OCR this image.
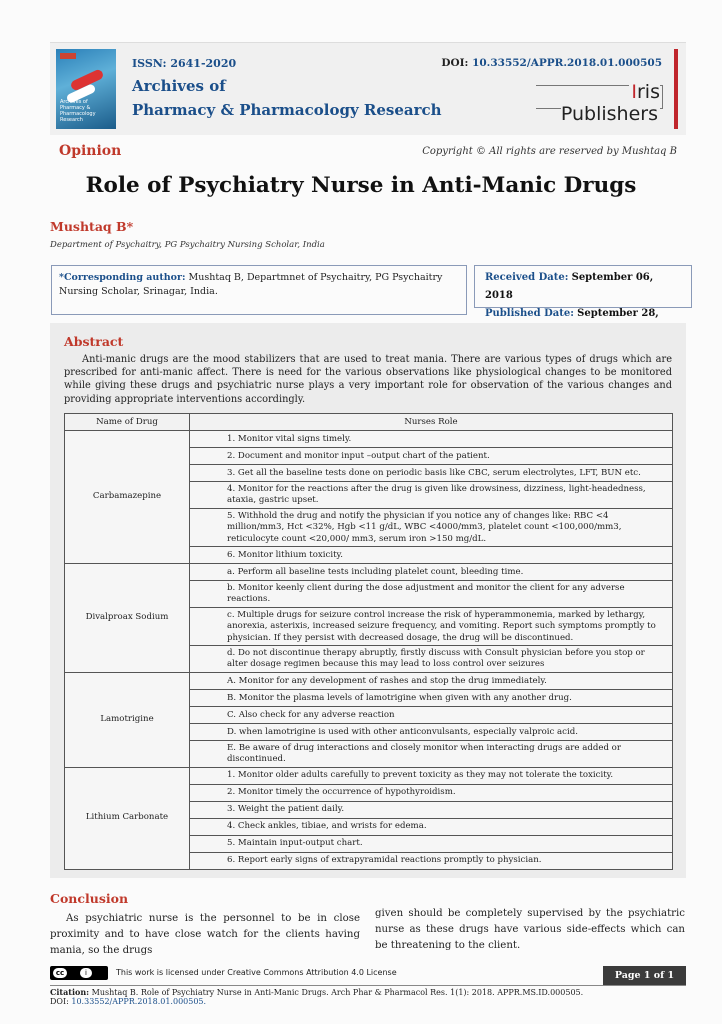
Archives of Pharmacy & Pharmacology Research
ISSN: 2641-2020
Archives of
Pharmacy & Pharmacology Research
DOI: 10.33552/APPR.2018.01.000505
Iris Publishers
Opinion	Copyright © All rights are reserved by Mushtaq B
Role of Psychiatry Nurse in Anti-Manic Drugs
Mushtaq B*
Department of Psychaitry, PG Psychaitry Nursing Scholar, India
*Corresponding author: Mushtaq B, Departmnet of Psychaitry, PG Psychaitry Nursing Scholar, Srinagar, India.
Received Date: September 06, 2018
Published Date: September 28,
Abstract
Anti-manic drugs are the mood stabilizers that are used to treat mania. There are various types of drugs which are prescribed for anti-manic affect. There is need for the various observations like physiological changes to be monitored while giving these drugs and psychiatric nurse plays a very important role for observation of the various changes and providing appropriate interventions accordingly.
Name of Drug	Nurses Role
Carbamazepine	1. Monitor vital signs timely.
	2. Document and monitor input –output chart of the patient.
	3. Get all the baseline tests done on periodic basis like CBC, serum electrolytes, LFT, BUN etc.
	4. Monitor for the reactions after the drug is given like drowsiness, dizziness, light-headedness, ataxia, gastric upset.
	5. Withhold the drug and notify the physician if you notice any of changes like: RBC <4 million/mm3, Hct <32%, Hgb <11 g/dL, WBC <4000/mm3, platelet count <100,000/mm3, reticulocyte count <20,000/ mm3, serum iron >150 mg/dL.
	6. Monitor lithium toxicity.
Divalproax Sodium	a. Perform all baseline tests including platelet count, bleeding time.
	b. Monitor keenly client during the dose adjustment and monitor the client for any adverse reactions.
	c. Multiple drugs for seizure control increase the risk of hyperammonemia, marked by lethargy, anorexia, asterixis, increased seizure frequency, and vomiting. Report such symptoms promptly to physician. If they persist with decreased dosage, the drug will be discontinued.
	d. Do not discontinue therapy abruptly, firstly discuss with Consult physician before you stop or alter dosage regimen because this may lead to loss control over seizures
Lamotrigine	A. Monitor for any development of rashes and stop the drug immediately.
	B. Monitor the plasma levels of lamotrigine when given with any another drug.
	C. Also check for any adverse reaction
	D. when lamotrigine is used with other anticonvulsants, especially valproic acid.
	E. Be aware of drug interactions and closely monitor when interacting drugs are added or discontinued.
Lithium Carbonate	1. Monitor older adults carefully to prevent toxicity as they may not tolerate the toxicity.
	2. Monitor timely the occurrence of hypothyroidism.
	3. Weight the patient daily.
	4. Check ankles, tibiae, and wrists for edema.
	5. Maintain input-output chart.
	6. Report early signs of extrapyramidal reactions promptly to physician.
Conclusion
As psychiatric nurse is the personnel to be in close proximity and to have close watch for the clients having mania, so the drugs
given should be completely supervised by the psychiatric nurse as these drugs have various side-effects which can be threatening to the client.
cc	i	This work is licensed under Creative Commons Attribution 4.0 License	Page 1 of 1
Citation: Mushtaq B. Role of Psychiatry Nurse in Anti-Manic Drugs. Arch Phar & Pharmacol Res. 1(1): 2018. APPR.MS.ID.000505.
DOI: 10.33552/APPR.2018.01.000505.
